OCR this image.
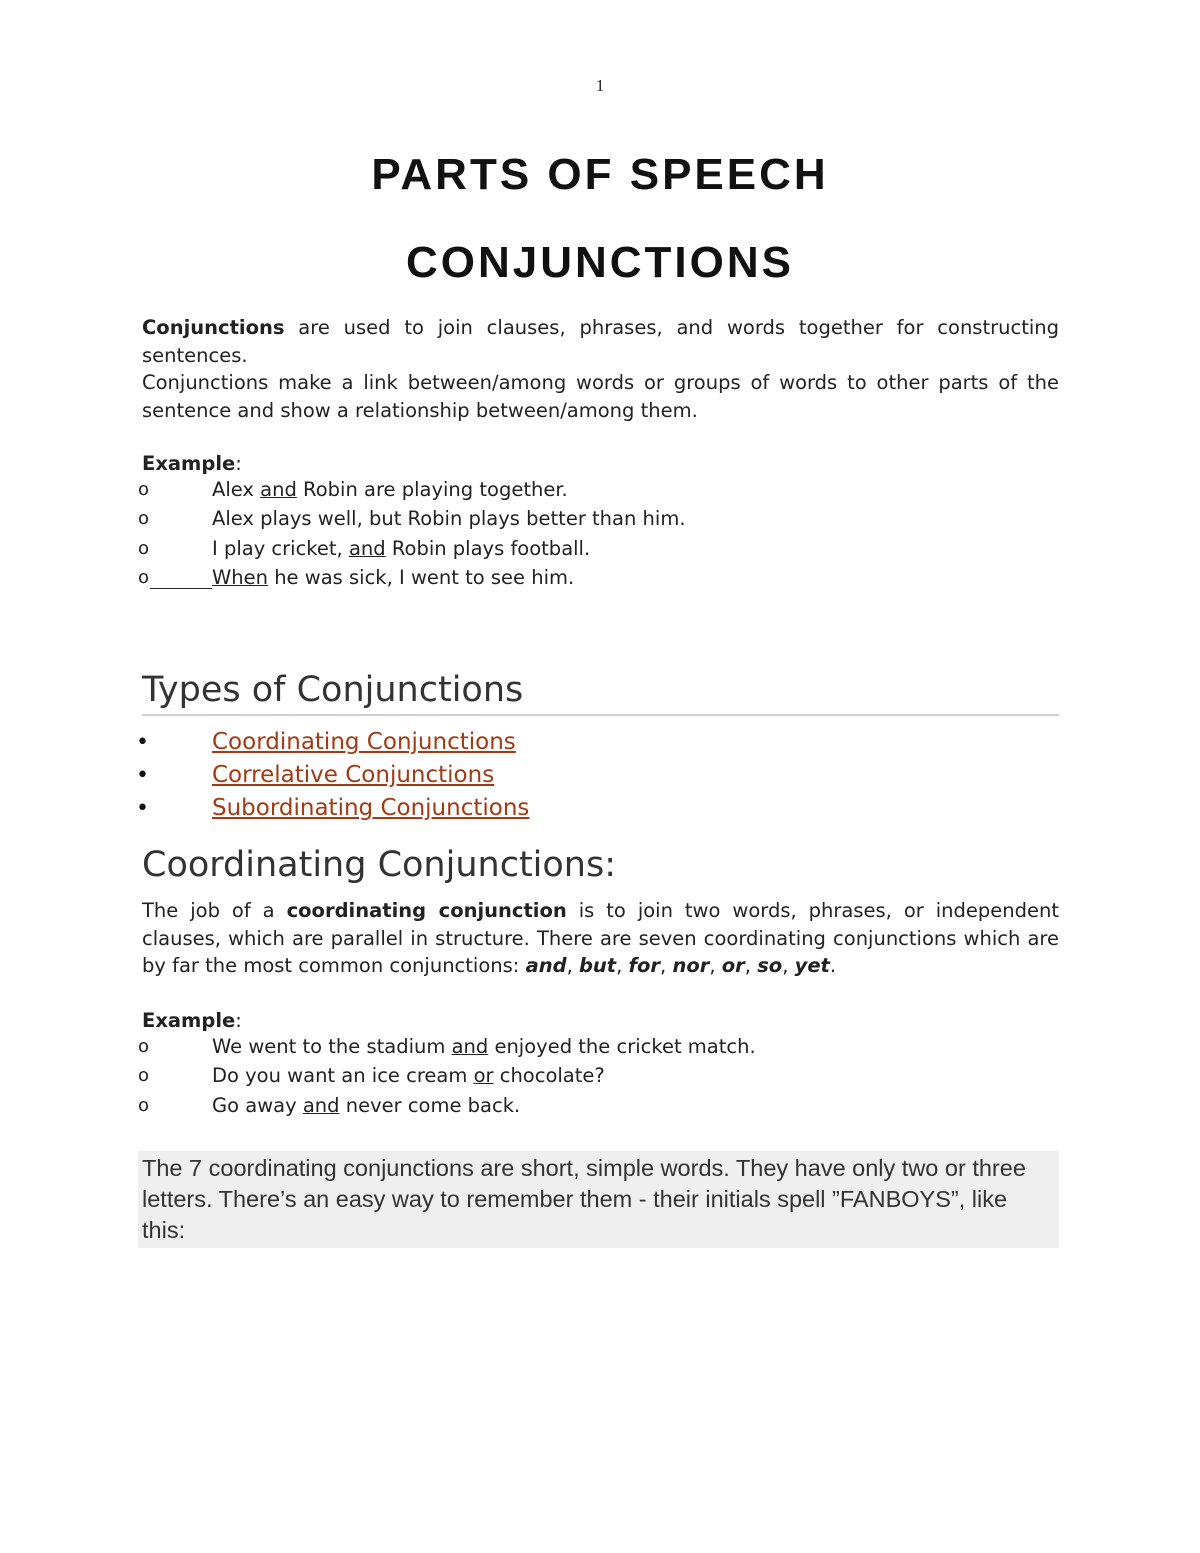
1
PARTS OF SPEECH
CONJUNCTIONS

Conjunctions are used to join clauses, phrases, and words together for constructing sentences.

Conjunctions make a link between/among words or groups of words to other parts of the sentence and show a relationship between/among them.

Example:

o	Alex and Robin are playing together.
o	Alex plays well, but Robin plays better than him.
o	I play cricket, and Robin plays football.
o	When he was sick, I went to see him.
Types of Conjunctions
•	Coordinating Conjunctions
•	Correlative Conjunctions
•	Subordinating Conjunctions
Coordinating Conjunctions:

The job of a coordinating conjunction is to join two words, phrases, or independent clauses, which are parallel in structure. There are seven coordinating conjunctions which are by far the most common conjunctions: and, but, for, nor, or, so, yet.

Example:

o	We went to the stadium and enjoyed the cricket match.
o	Do you want an ice cream or chocolate?
o	Go away and never come back.
The 7 coordinating conjunctions are short, simple words. They have only two or three letters. There’s an easy way to remember them - their initials spell ”FANBOYS”, like this:
